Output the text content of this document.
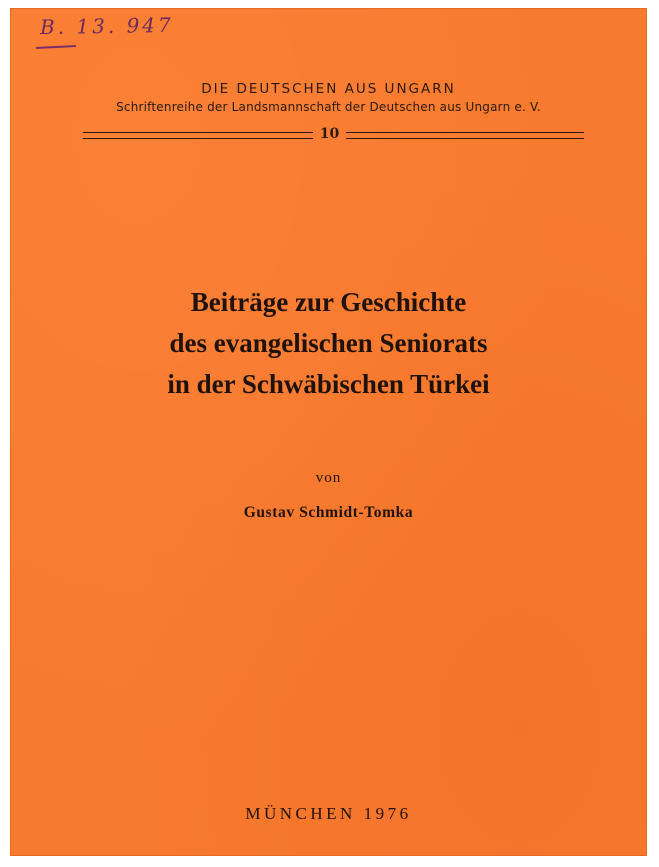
B. 13. 947
DIE DEUTSCHEN AUS UNGARN
Schriftenreihe der Landsmannschaft der Deutschen aus Ungarn e. V.
10
Beiträge zur Geschichte
des evangelischen Seniorats
in der Schwäbischen Türkei
von
Gustav Schmidt-Tomka
MÜNCHEN 1976
